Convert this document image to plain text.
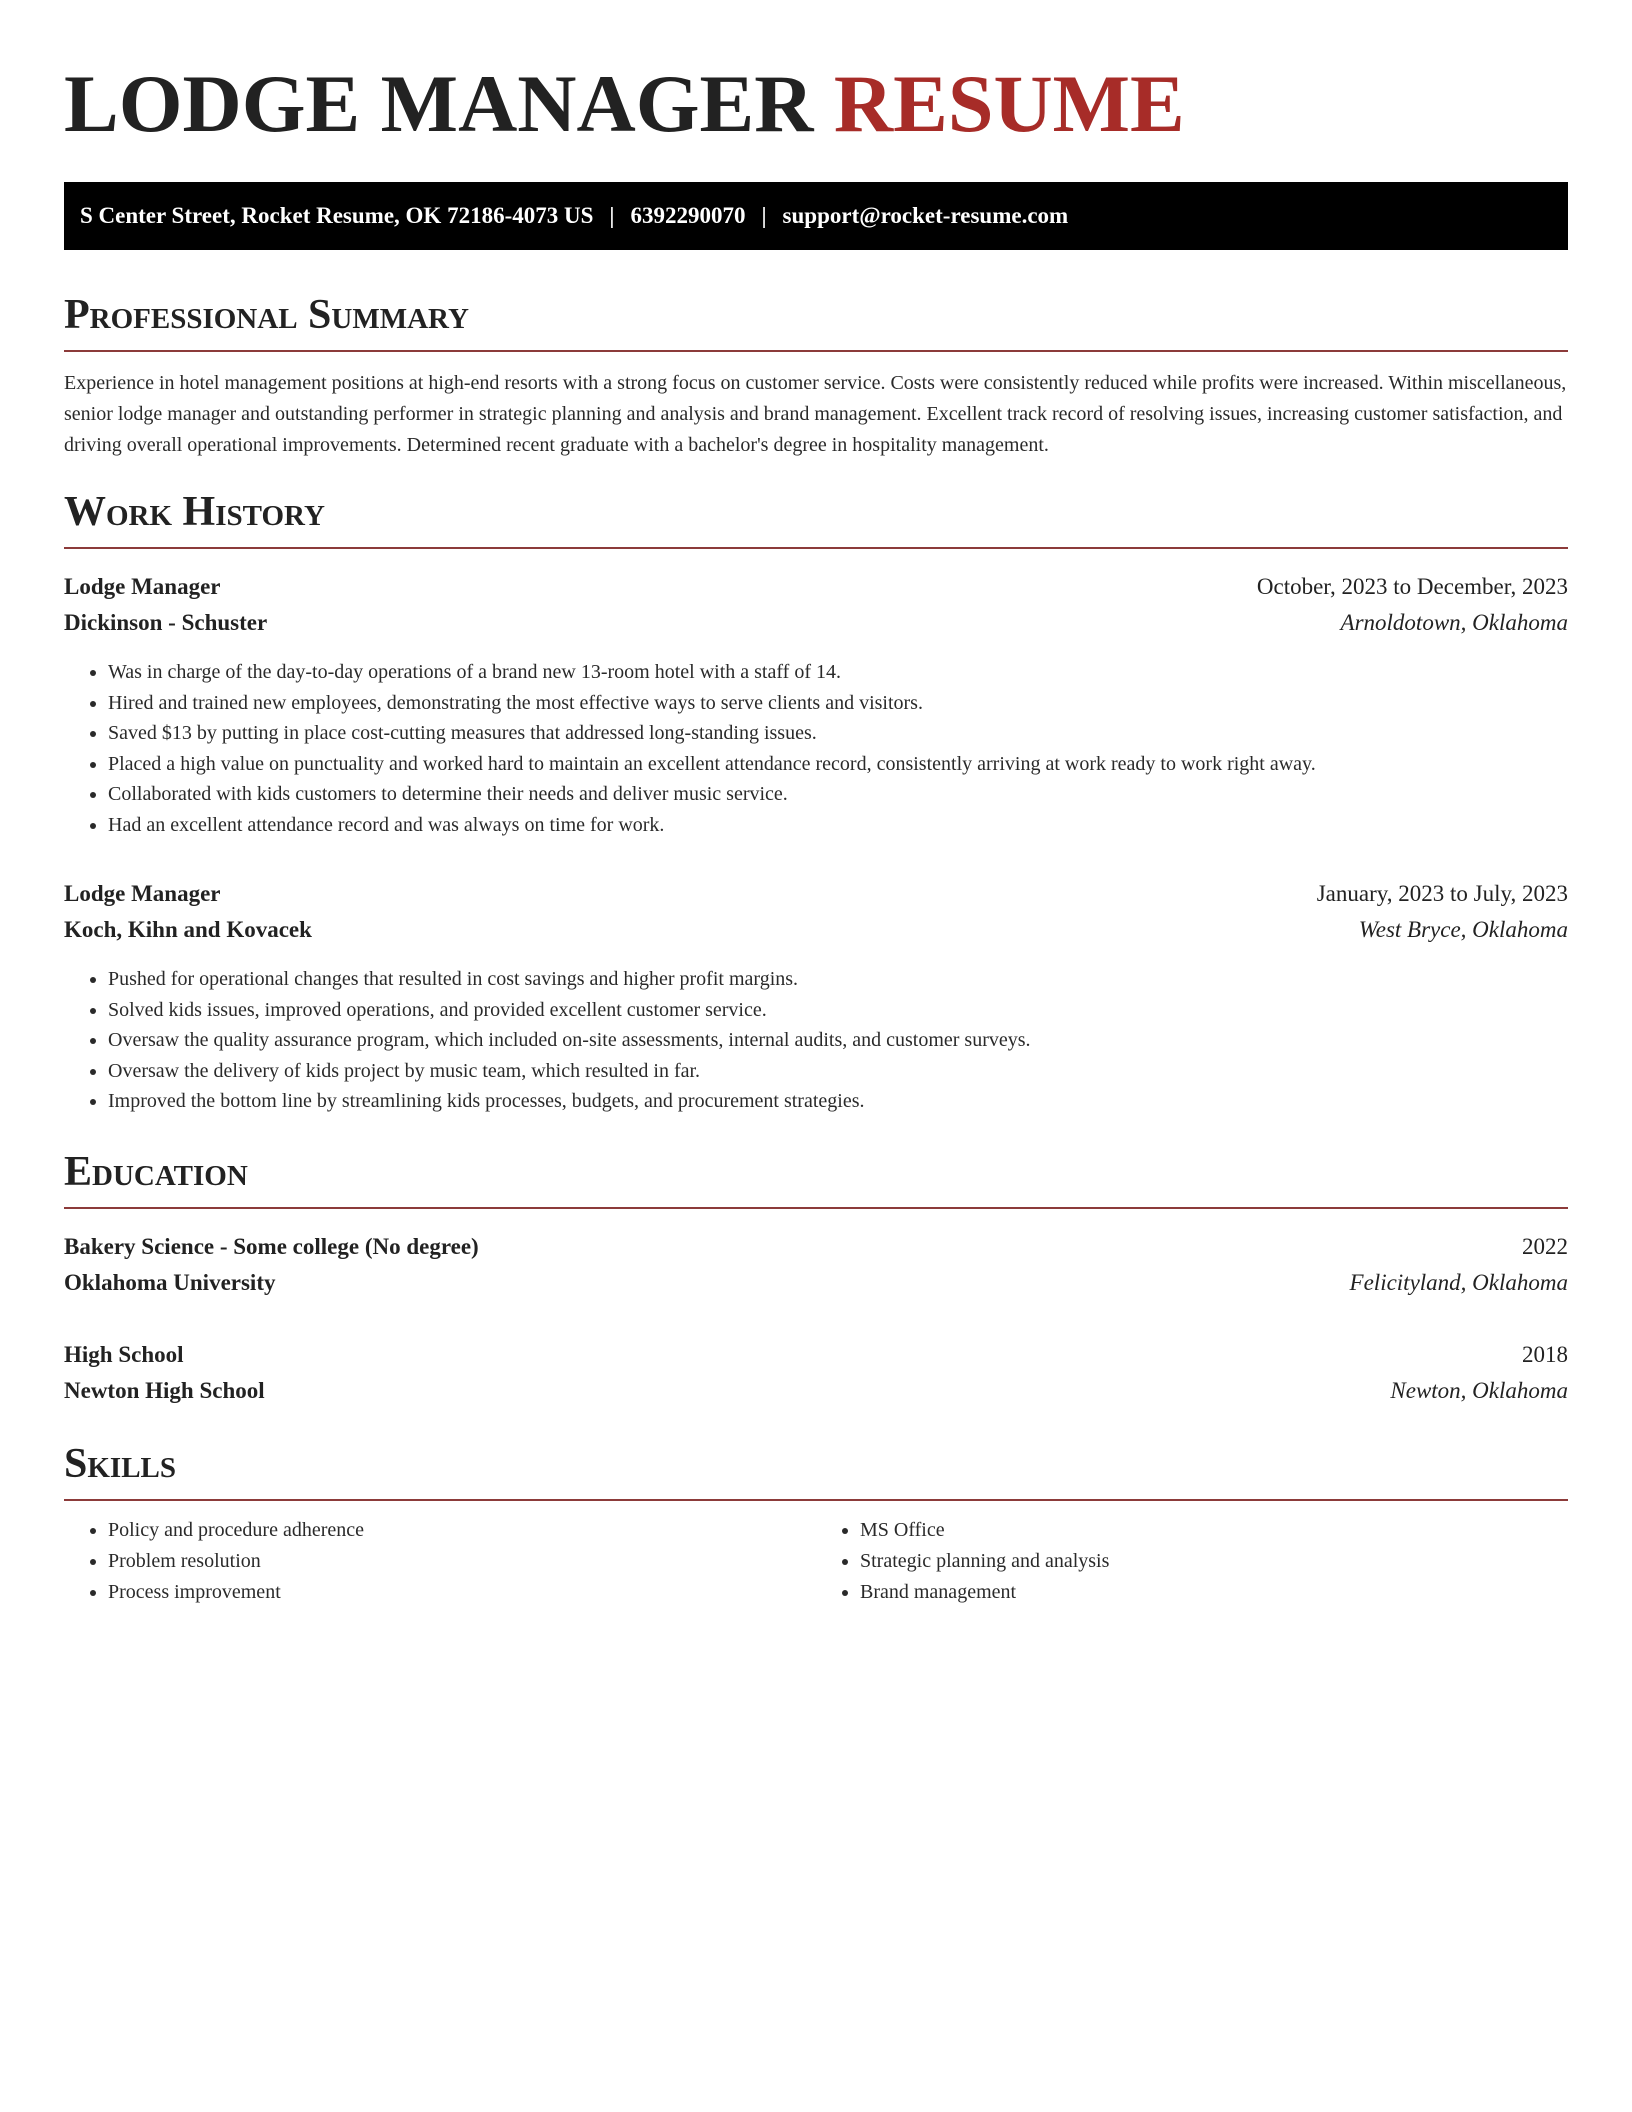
LODGE MANAGER RESUME
S Center Street, Rocket Resume, OK 72186-4073 US | 6392290070 | support@rocket-resume.com
Professional Summary

Experience in hotel management positions at high-end resorts with a strong focus on customer service. Costs were consistently reduced while profits were increased. Within miscellaneous, senior lodge manager and outstanding performer in strategic planning and analysis and brand management. Excellent track record of resolving issues, increasing customer satisfaction, and driving overall operational improvements. Determined recent graduate with a bachelor's degree in hospitality management.

Work History
Lodge Manager	October, 2023 to December, 2023
Dickinson - Schuster	Arnoldotown, Oklahoma
• Was in charge of the day-to-day operations of a brand new 13-room hotel with a staff of 14.
• Hired and trained new employees, demonstrating the most effective ways to serve clients and visitors.
• Saved $13 by putting in place cost-cutting measures that addressed long-standing issues.
• Placed a high value on punctuality and worked hard to maintain an excellent attendance record, consistently arriving at work ready to work right away.
• Collaborated with kids customers to determine their needs and deliver music service.
• Had an excellent attendance record and was always on time for work.
Lodge Manager	January, 2023 to July, 2023
Koch, Kihn and Kovacek	West Bryce, Oklahoma
• Pushed for operational changes that resulted in cost savings and higher profit margins.
• Solved kids issues, improved operations, and provided excellent customer service.
• Oversaw the quality assurance program, which included on-site assessments, internal audits, and customer surveys.
• Oversaw the delivery of kids project by music team, which resulted in far.
• Improved the bottom line by streamlining kids processes, budgets, and procurement strategies.
Education
Bakery Science - Some college (No degree)	2022
Oklahoma University	Felicityland, Oklahoma
High School	2018
Newton High School	Newton, Oklahoma
Skills
• Policy and procedure adherence
• Problem resolution
• Process improvement
• MS Office
• Strategic planning and analysis
• Brand management
